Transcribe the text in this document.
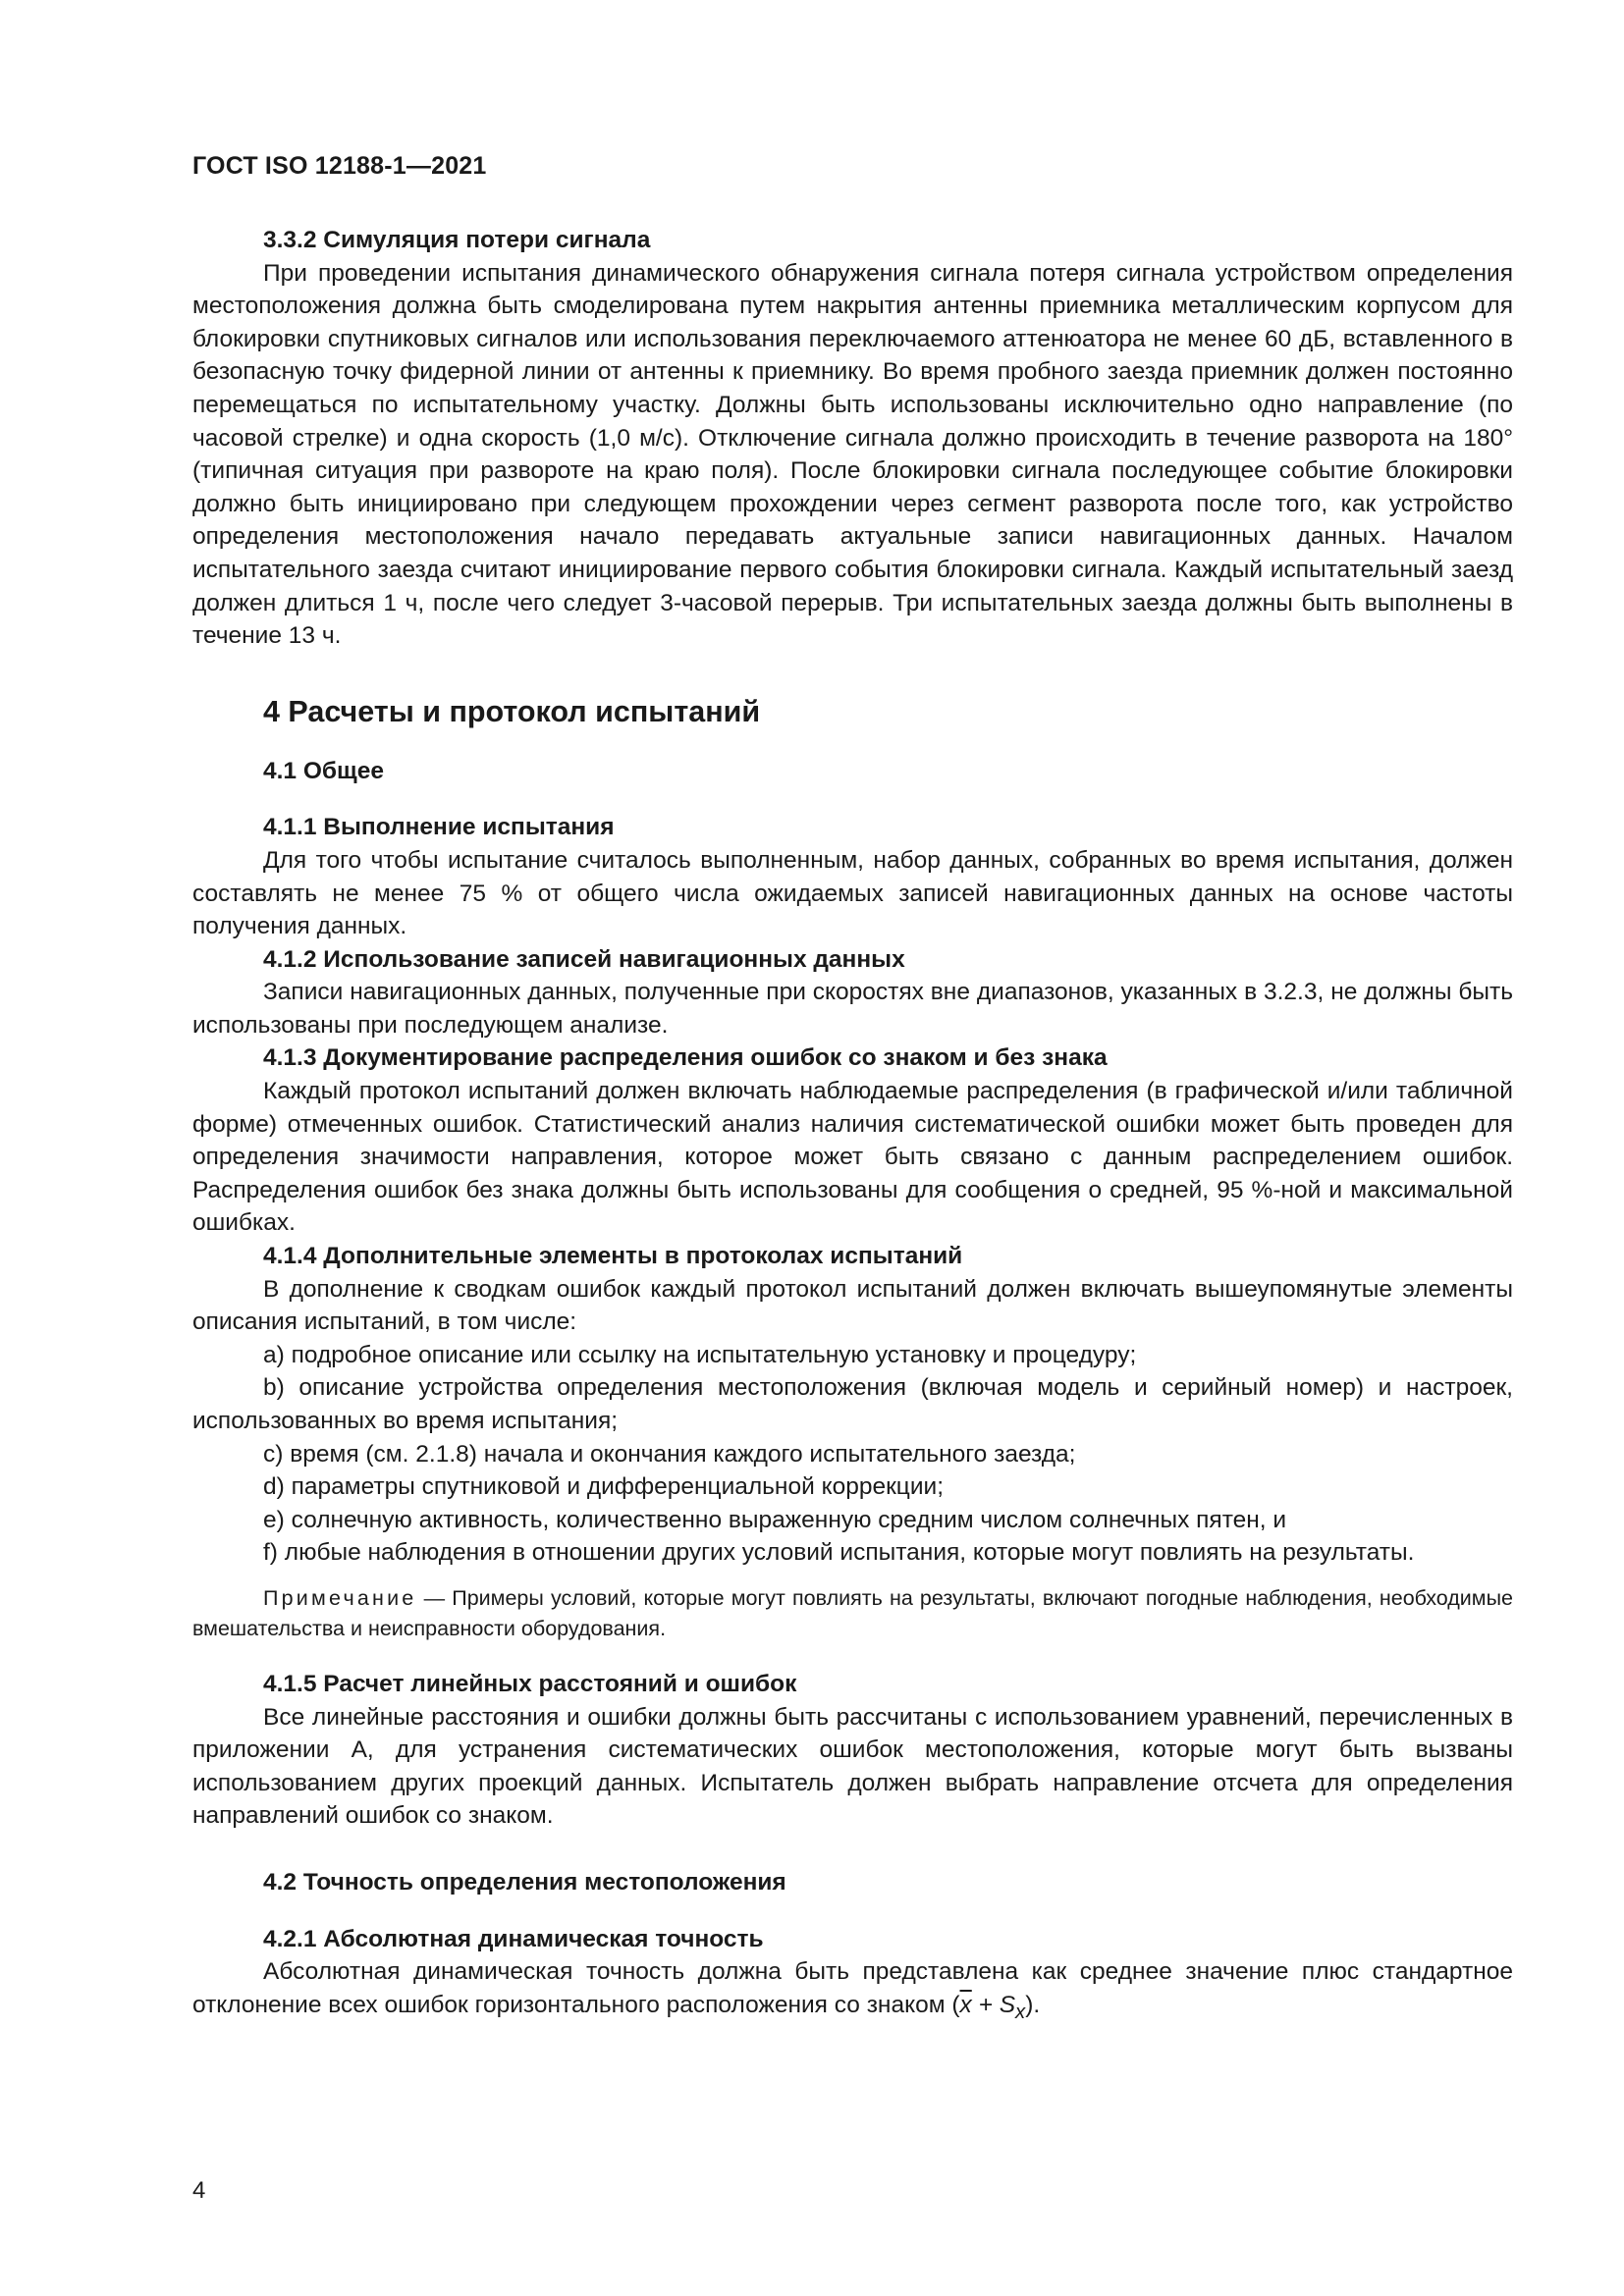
ГОСТ ISO 12188-1—2021
3.3.2 Симуляция потери сигнала

При проведении испытания динамического обнаружения сигнала потеря сигнала устройством определения местоположения должна быть смоделирована путем накрытия антенны приемника металлическим корпусом для блокировки спутниковых сигналов или использования переключаемого аттенюатора не менее 60 дБ, вставленного в безопасную точку фидерной линии от антенны к приемнику. Во время пробного заезда приемник должен постоянно перемещаться по испытательному участку. Должны быть использованы исключительно одно направление (по часовой стрелке) и одна скорость (1,0 м/с). Отключение сигнала должно происходить в течение разворота на 180° (типичная ситуация при развороте на краю поля). После блокировки сигнала последующее событие блокировки должно быть инициировано при следующем прохождении через сегмент разворота после того, как устройство определения местоположения начало передавать актуальные записи навигационных данных. Началом испытательного заезда считают инициирование первого события блокировки сигнала. Каждый испытательный заезд должен длиться 1 ч, после чего следует 3-часовой перерыв. Три испытательных заезда должны быть выполнены в течение 13 ч.

4 Расчеты и протокол испытаний
4.1 Общее
4.1.1 Выполнение испытания

Для того чтобы испытание считалось выполненным, набор данных, собранных во время испытания, должен составлять не менее 75 % от общего числа ожидаемых записей навигационных данных на основе частоты получения данных.

4.1.2 Использование записей навигационных данных

Записи навигационных данных, полученные при скоростях вне диапазонов, указанных в 3.2.3, не должны быть использованы при последующем анализе.

4.1.3 Документирование распределения ошибок со знаком и без знака

Каждый протокол испытаний должен включать наблюдаемые распределения (в графической и/или табличной форме) отмеченных ошибок. Статистический анализ наличия систематической ошибки может быть проведен для определения значимости направления, которое может быть связано с данным распределением ошибок. Распределения ошибок без знака должны быть использованы для сообщения о средней, 95 %-ной и максимальной ошибках.

4.1.4 Дополнительные элементы в протоколах испытаний

В дополнение к сводкам ошибок каждый протокол испытаний должен включать вышеупомянутые элементы описания испытаний, в том числе:

a) подробное описание или ссылку на испытательную установку и процедуру;

b) описание устройства определения местоположения (включая модель и серийный номер) и настроек, использованных во время испытания;

c) время (см. 2.1.8) начала и окончания каждого испытательного заезда;

d) параметры спутниковой и дифференциальной коррекции;

e) солнечную активность, количественно выраженную средним числом солнечных пятен, и

f) любые наблюдения в отношении других условий испытания, которые могут повлиять на результаты.

Примечание — Примеры условий, которые могут повлиять на результаты, включают погодные наблюдения, необходимые вмешательства и неисправности оборудования.
4.1.5 Расчет линейных расстояний и ошибок

Все линейные расстояния и ошибки должны быть рассчитаны с использованием уравнений, перечисленных в приложении А, для устранения систематических ошибок местоположения, которые могут быть вызваны использованием других проекций данных. Испытатель должен выбрать направление отсчета для определения направлений ошибок со знаком.

4.2 Точность определения местоположения
4.2.1 Абсолютная динамическая точность

Абсолютная динамическая точность должна быть представлена как среднее значение плюс стандартное отклонение всех ошибок горизонтального расположения со знаком $(\overline{x} + S_x)$.

4
